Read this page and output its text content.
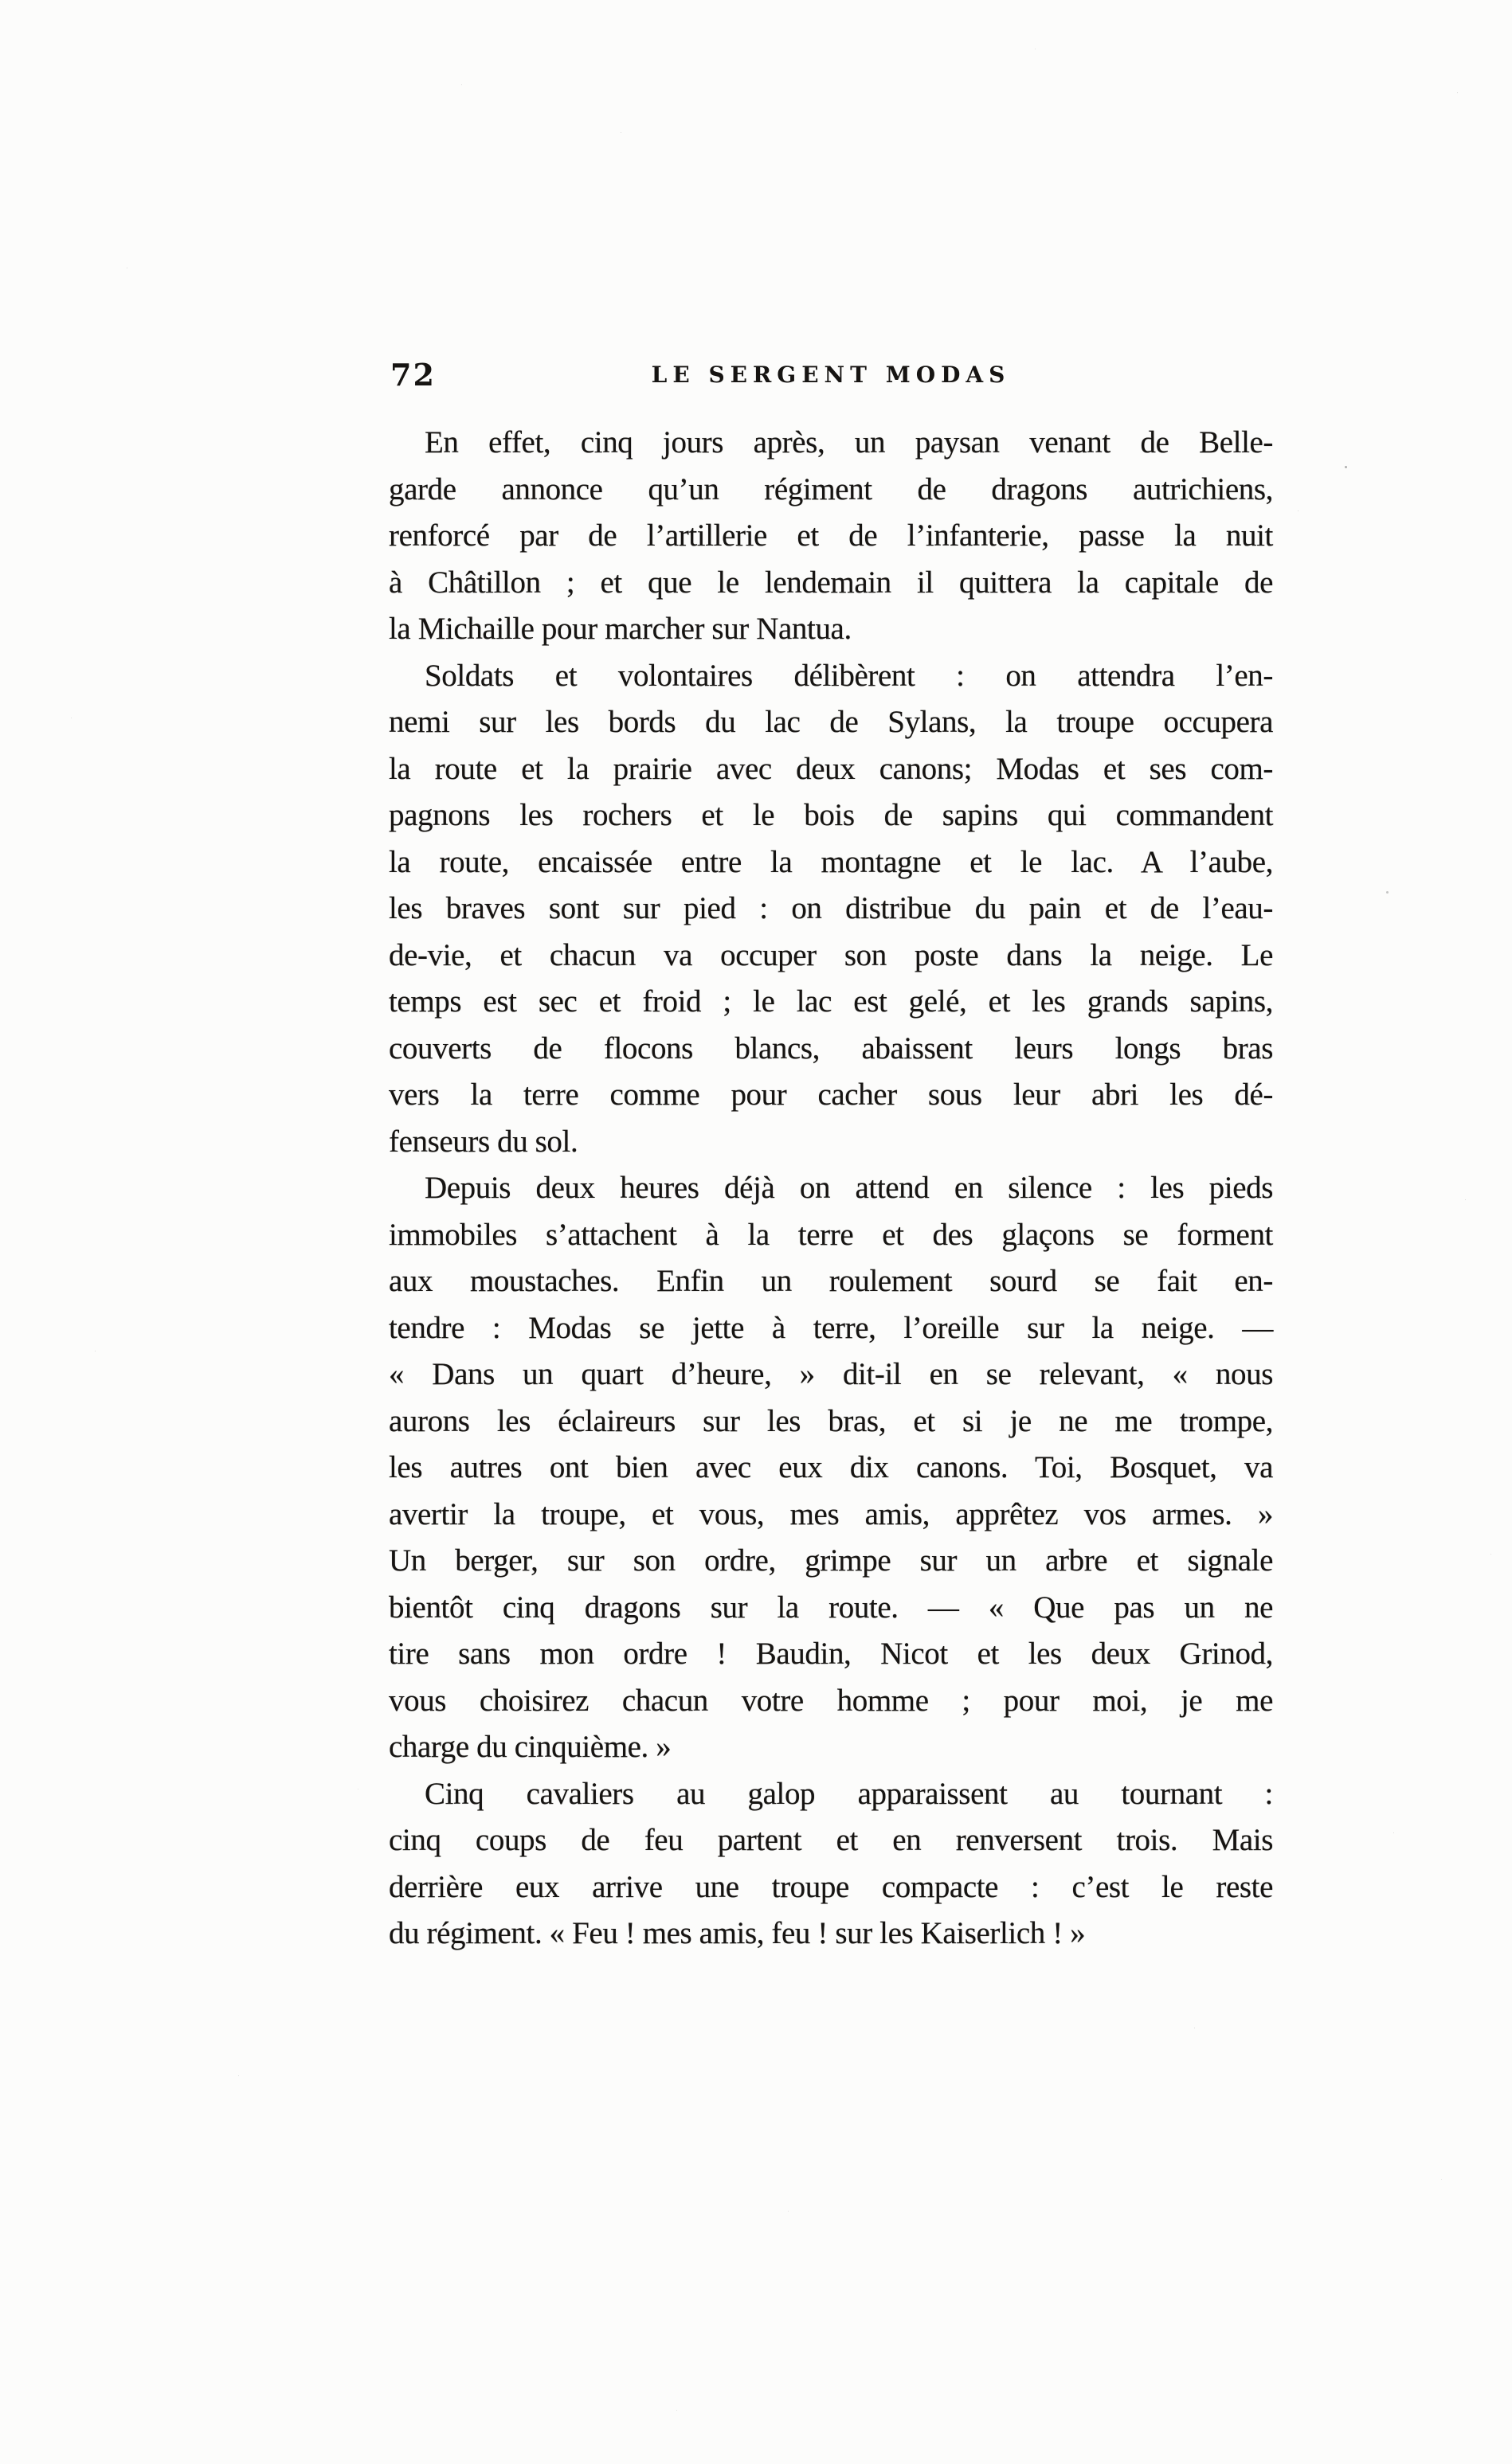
72	LE SERGENT MODAS
En effet, cinq jours après, un paysan venant de Belle-
garde annonce qu’un régiment de dragons autrichiens,
renforcé par de l’artillerie et de l’infanterie, passe la nuit
à Châtillon ; et que le lendemain il quittera la capitale de
la Michaille pour marcher sur Nantua.
Soldats et volontaires délibèrent : on attendra l’en-
nemi sur les bords du lac de Sylans, la troupe occupera
la route et la prairie avec deux canons; Modas et ses com-
pagnons les rochers et le bois de sapins qui commandent
la route, encaissée entre la montagne et le lac. A l’aube,
les braves sont sur pied : on distribue du pain et de l’eau-
de-vie, et chacun va occuper son poste dans la neige. Le
temps est sec et froid ; le lac est gelé, et les grands sapins,
couverts de flocons blancs, abaissent leurs longs bras
vers la terre comme pour cacher sous leur abri les dé-
fenseurs du sol.
Depuis deux heures déjà on attend en silence : les pieds
immobiles s’attachent à la terre et des glaçons se forment
aux moustaches. Enfin un roulement sourd se fait en-
tendre : Modas se jette à terre, l’oreille sur la neige. —
« Dans un quart d’heure, » dit-il en se relevant, « nous
aurons les éclaireurs sur les bras, et si je ne me trompe,
les autres ont bien avec eux dix canons. Toi, Bosquet, va
avertir la troupe, et vous, mes amis, apprêtez vos armes. »
Un berger, sur son ordre, grimpe sur un arbre et signale
bientôt cinq dragons sur la route. — « Que pas un ne
tire sans mon ordre ! Baudin, Nicot et les deux Grinod,
vous choisirez chacun votre homme ; pour moi, je me
charge du cinquième. »
Cinq cavaliers au galop apparaissent au tournant :
cinq coups de feu partent et en renversent trois. Mais
derrière eux arrive une troupe compacte : c’est le reste
du régiment. « Feu ! mes amis, feu ! sur les Kaiserlich ! »
